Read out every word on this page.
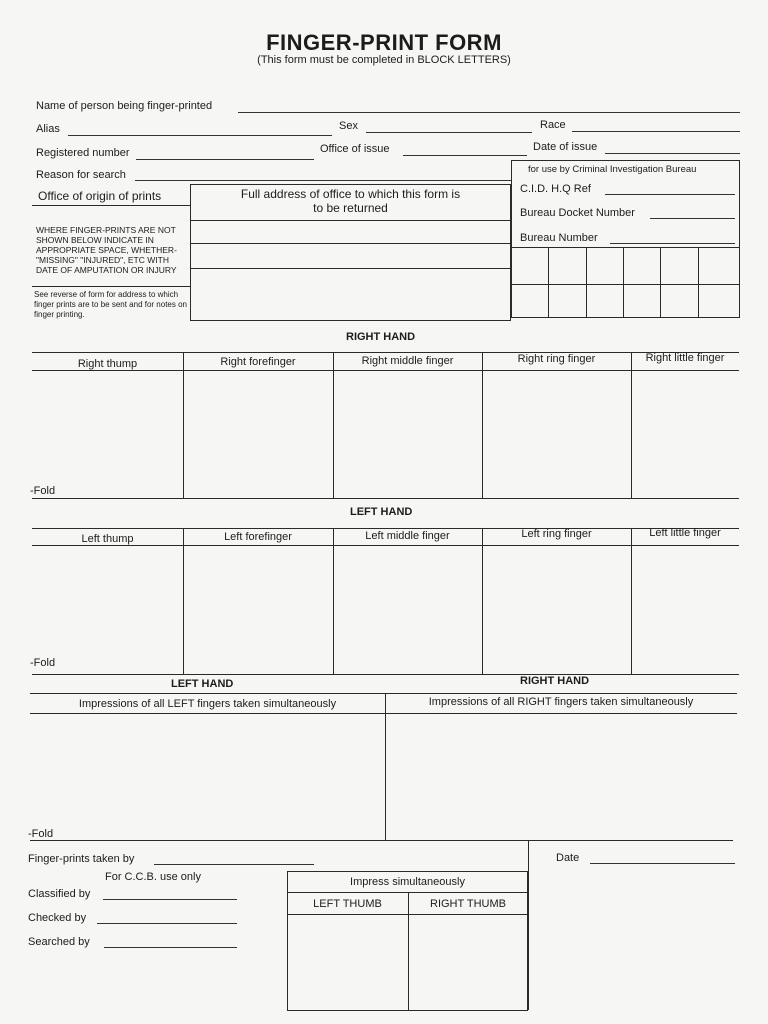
FINGER-PRINT FORM
(This form must be completed in BLOCK LETTERS)
Name of person being finger-printed
Alias	Sex	Race
Registered number	Office of issue	Date of issue
Reason for search	for use by Criminal Investigation Bureau
C.I.D. H.Q Ref
Bureau Docket Number
Bureau Number
Office of origin of prints	Full address of office to which this form is to be returned
WHERE FINGER-PRINTS ARE NOT SHOWN BELOW INDICATE IN APPROPRIATE SPACE, WHETHER-"MISSING" "INJURED", ETC WITH DATE OF AMPUTATION OR INJURY
See reverse of form for address to which finger prints are to be sent and for notes on finger printing.
RIGHT HAND
Right thump	Right forefinger	Right middle finger	Right ring finger	Right little finger
-Fold
LEFT HAND
Left thump	Left forefinger	Left middle finger	Left ring finger	Left little finger
-Fold
LEFT HAND	RIGHT HAND
Impressions of all LEFT fingers taken simultaneously	Impressions of all RIGHT fingers taken simultaneously
-Fold
Finger-prints taken by	Date
For C.C.B. use only
Classified by
Checked by
Searched by
Impress simultaneously
LEFT THUMB	RIGHT THUMB
